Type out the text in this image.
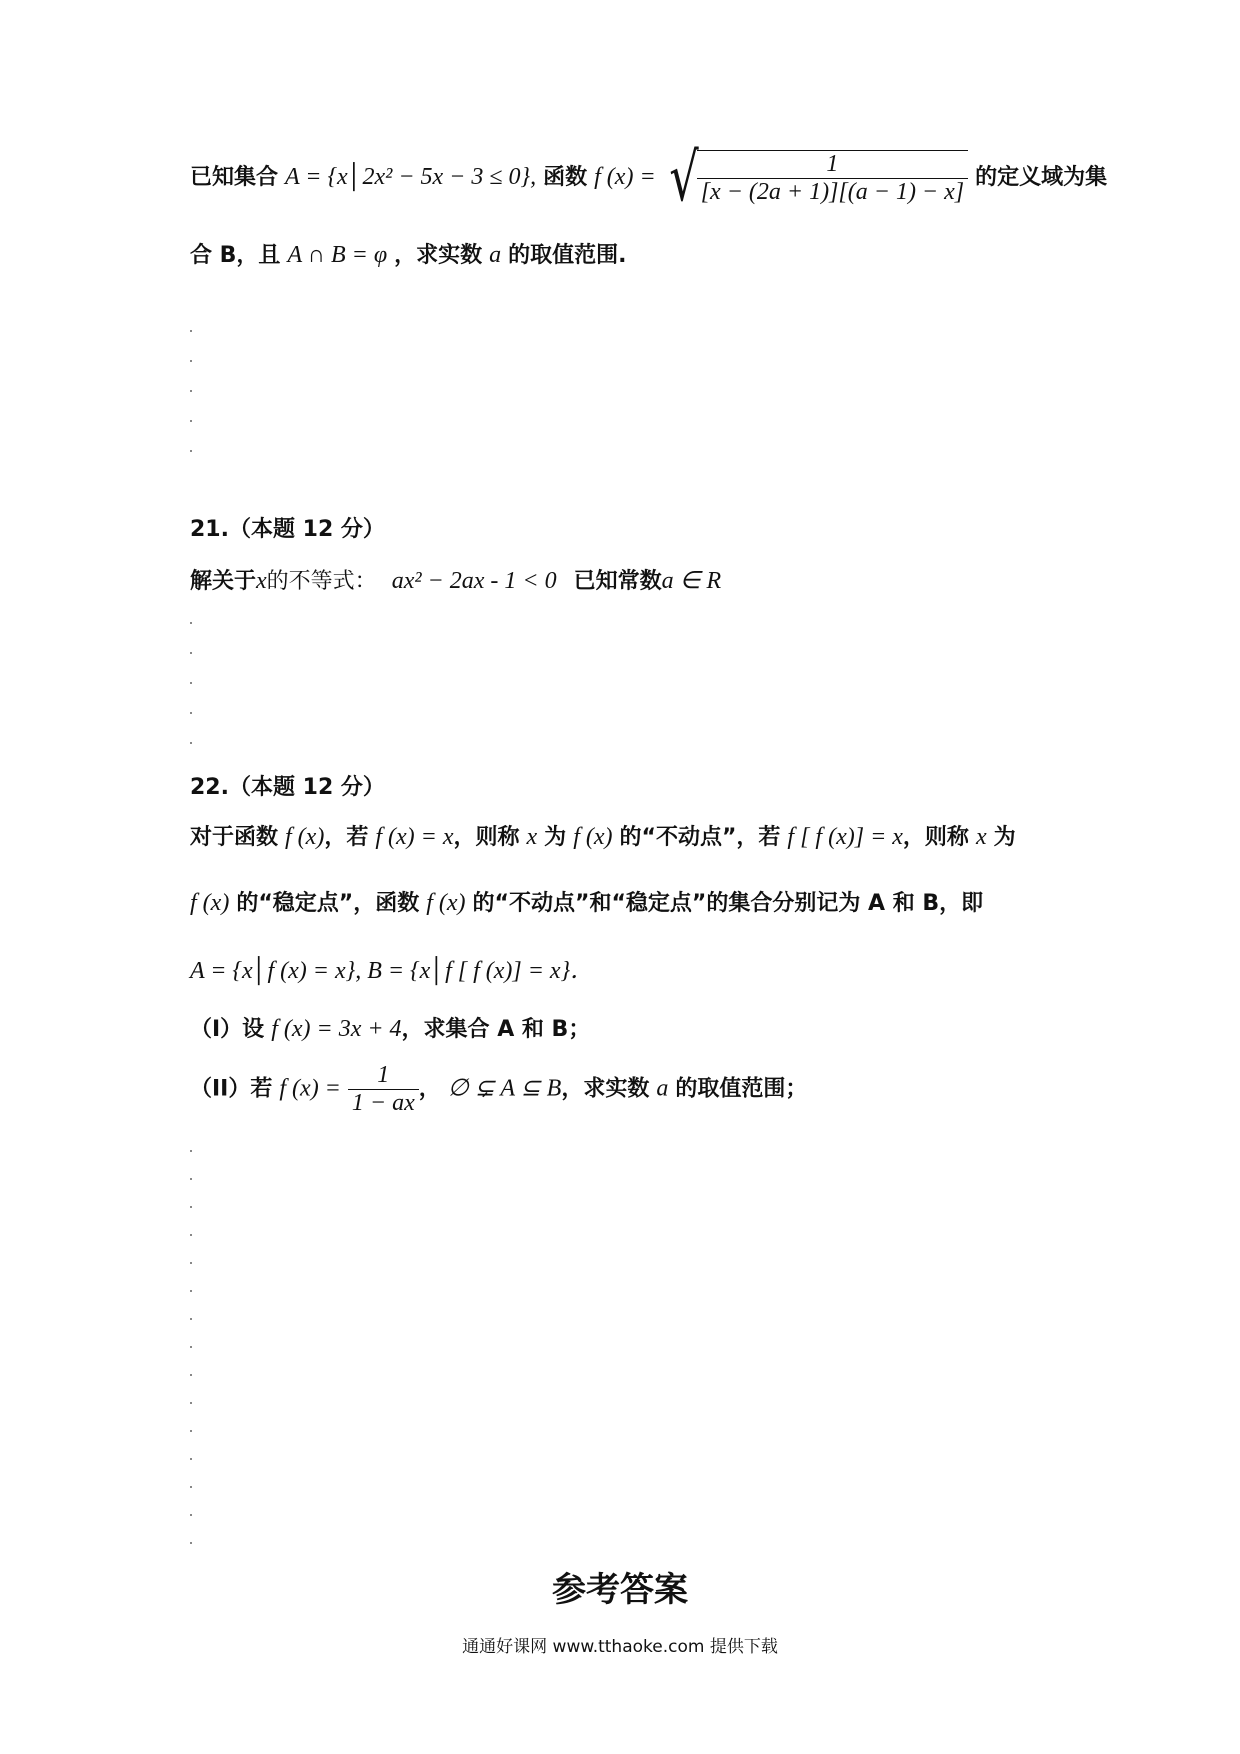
已知集合 A = {x│2x² − 5x − 3 ≤ 0}, 函数 f (x) = √
$\frac{1}{[x - (2a + 1)][(a - 1) - x]}$ 的定义域为集
合 B，且 A ∩ B = φ ，求实数 a 的取值范围.
21.（本题 12 分）
解关于x的不等式： ax² − 2ax - 1 < 0 已知常数a ∈ R
22.（本题 12 分）
对于函数 f (x)，若 f (x) = x，则称 x 为 f (x) 的“不动点”，若 f [ f (x)] = x，则称 x 为
f (x) 的“稳定点”，函数 f (x) 的“不动点”和“稳定点”的集合分别记为 A 和 B，即
A = {x│f (x) = x}, B = {x│f [ f (x)] = x}．
（I）设 f (x) = 3x + 4，求集合 A 和 B；
（II）若 f $(x) = \frac{1}{1 - ax}$ ， ∅ ⊊ A ⊆ B，求实数 a 的取值范围；
参考答案
通通好课网 www.tthaoke.com 提供下载
